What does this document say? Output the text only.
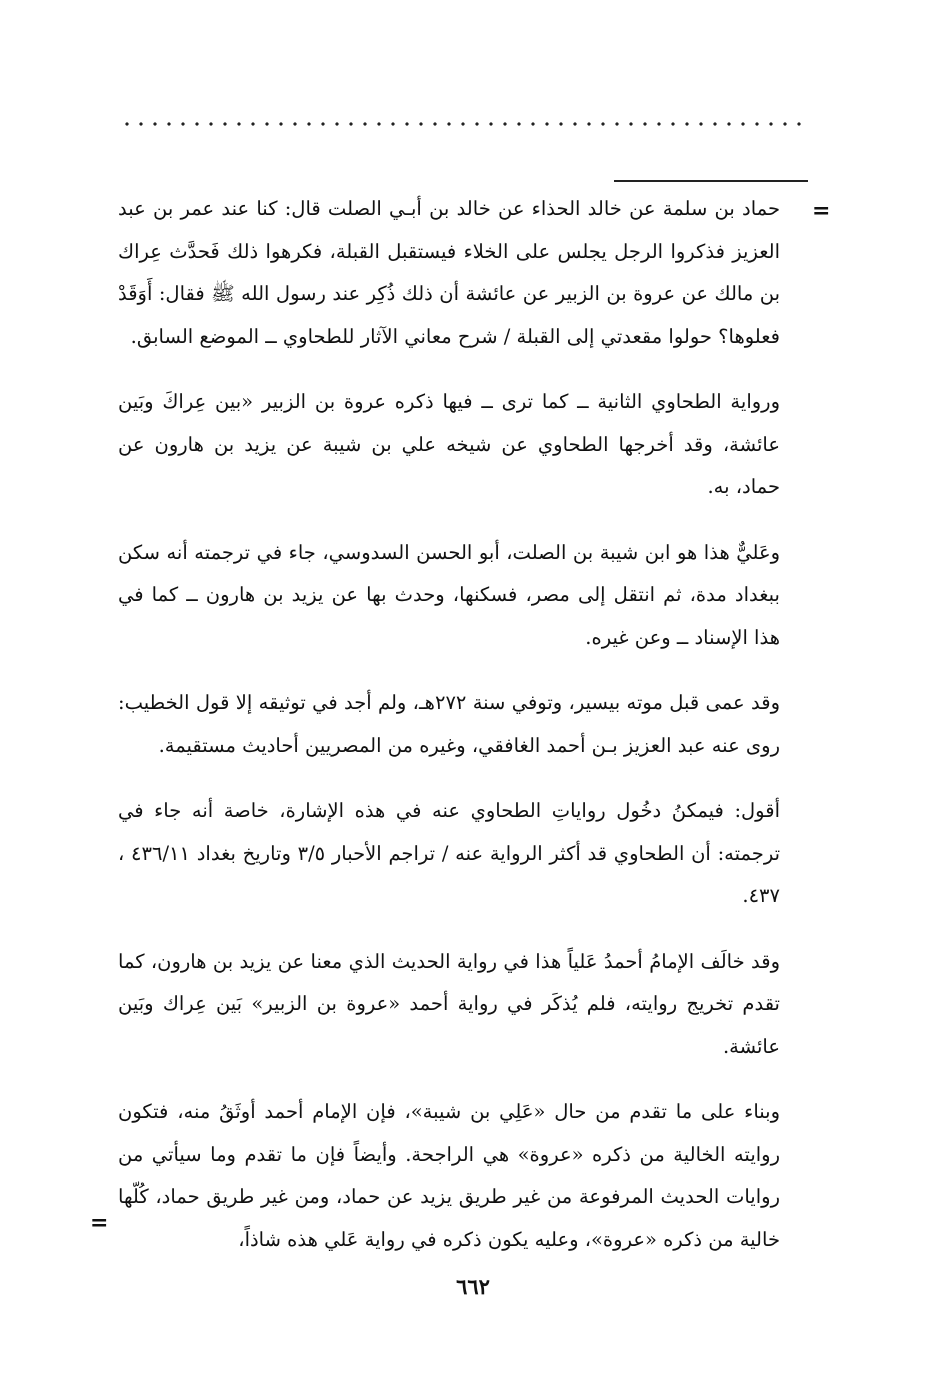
=

حماد بن سلمة عن خالد الحذاء عن خالد بن أبـي الصلت قال: كنا عند عمر بن عبد العزيز فذكروا الرجل يجلس على الخلاء فيستقبل القبلة، فكرهوا ذلك فَحدَّث عِراك بن مالك عن عروة بن الزبير عن عائشة أن ذلك ذُكِر عند رسول الله ﷺ فقال: أَوَقَدْ فعلوها؟ حولوا مقعدتي إلى القبلة / شرح معاني الآثار للطحاوي ــ الموضع السابق.

ورواية الطحاوي الثانية ــ كما ترى ــ فيها ذكره عروة بن الزبير «بين عِراكَ وبَين عائشة، وقد أخرجها الطحاوي عن شيخه علي بن شيبة عن يزيد بن هارون عن حماد، به.

وعَليٌّ هذا هو ابن شيبة بن الصلت، أبو الحسن السدوسي، جاء في ترجمته أنه سكن ببغداد مدة، ثم انتقل إلى مصر، فسكنها، وحدث بها عن يزيد بن هارون ــ كما في هذا الإسناد ــ وعن غيره.

وقد عمى قبل موته بيسير، وتوفي سنة ٢٧٢هـ، ولم أجد في توثيقه إلا قول الخطيب: روى عنه عبد العزيز بـن أحمد الغافقي، وغيره من المصريين أحاديث مستقيمة.

أقول: فيمكنُ دخُول رواياتِ الطحاوي عنه في هذه الإشارة، خاصة أنه جاء في ترجمته: أن الطحاوي قد أكثر الرواية عنه / تراجم الأحبار ٣/٥ وتاريخ بغداد ٤٣٦/١١ ، ٤٣٧.

وقد خالَف الإمامُ أحمدُ عَلياً هذا في رواية الحديث الذي معنا عن يزيد بن هارون، كما تقدم تخريج روايته، فلم يُذكَر في رواية أحمد «عروة بن الزبير» بَين عِراك وبَين عائشة.

وبناء على ما تقدم من حال «عَلِي بن شيبة»، فإن الإمام أحمد أوثَقُ منه، فتكون روايته الخالية من ذكره «عروة» هي الراجحة. وأيضاً فإن ما تقدم وما سيأتي من روايات الحديث المرفوعة من غير طريق يزيد عن حماد، ومن غير طريق حماد، كُلّها خالية من ذكره «عروة»، وعليه يكون ذكره في رواية عَلي هذه شاذاً،

=
٦٦٢
